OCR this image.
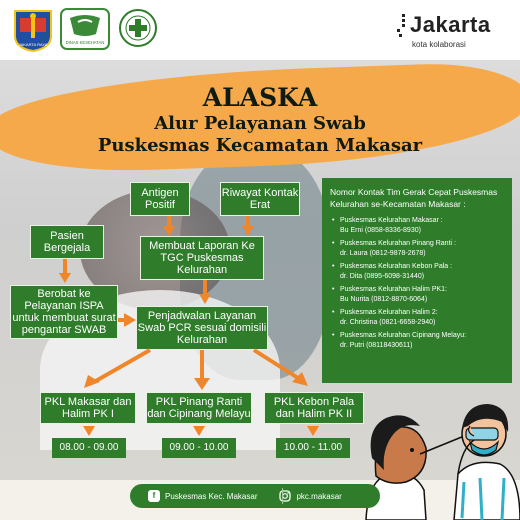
JAKARTA RAYA	DINAS KESEHATAN
Jakarta
kota kolaborasi
ALASKA
Alur Pelayanan Swab
Puskesmas Kecamatan Makasar
Antigen Positif
Riwayat Kontak Erat
Pasien Bergejala	Membuat Laporan Ke TGC Puskesmas Kelurahan
Berobat ke Pelayanan ISPA untuk membuat surat pengantar SWAB
Penjadwalan Layanan Swab PCR sesuai domisili Kelurahan
PKL Makasar dan Halim PK I
PKL Pinang Ranti dan Cipinang Melayu
PKL Kebon Pala dan Halim PK II
08.00 - 09.00	09.00 - 10.00	10.00 - 11.00
Nomor Kontak Tim Gerak Cepat Puskesmas Kelurahan se-Kecamatan Makasar :
• Puskesmas Kelurahan Makasar :
Bu Erni (0858-8336-8930)
• Puskesmas Kelurahan Pinang Ranti :
dr. Laura (0812-9878-2678)
• Puskesmas Kelurahan Kebon Pala :
dr. Dita (0895-6098-31440)
• Puskesmas Kelurahan Halim PK1:
Bu Nurita (0812-8870-6064)
• Puskesmas Kelurahan Halim 2:
dr. Christina (0821-6658-2940)
• Puskesmas Kelurahan Cipinang Melayu:
dr. Putri (08118430611)
f	Puskesmas Kec. Makasar	pkc.makasar
